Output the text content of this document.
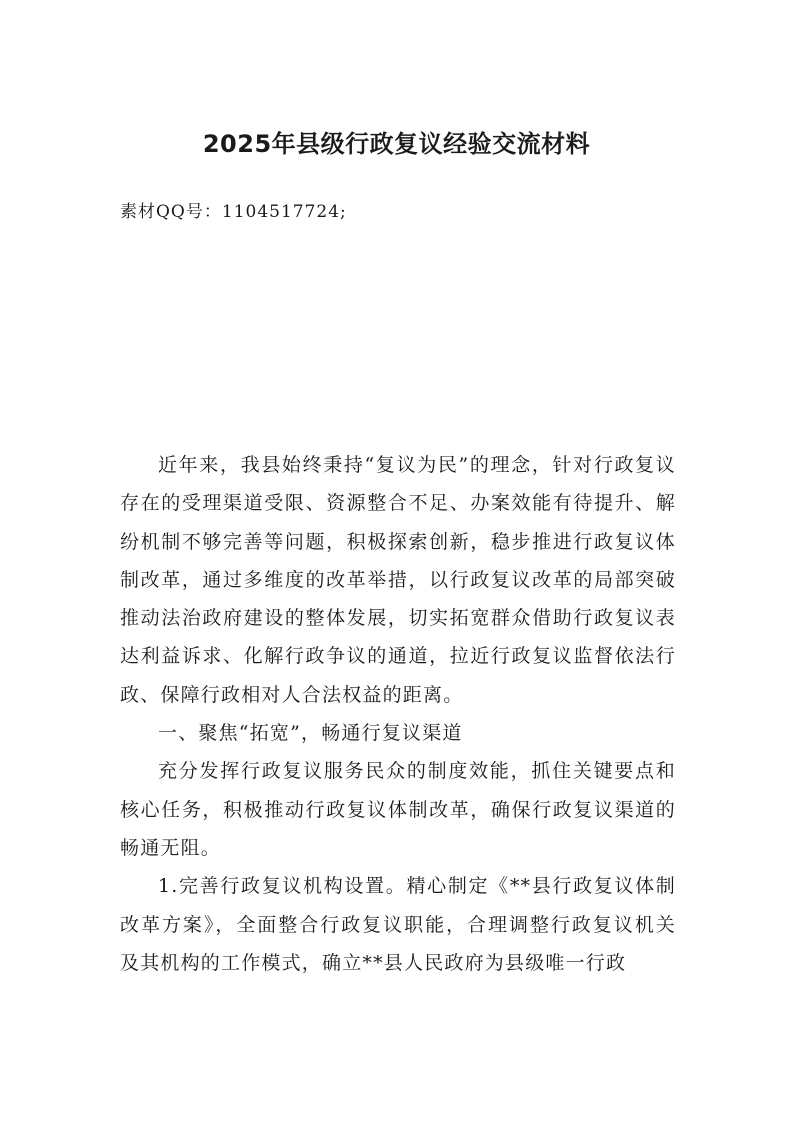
2025年县级行政复议经验交流材料

素材QQ号：1104517724;

近年来，我县始终秉持“复议为民”的理念，针对行政复议存在的受理渠道受限、资源整合不足、办案效能有待提升、解纷机制不够完善等问题，积极探索创新，稳步推进行政复议体制改革，通过多维度的改革举措，以行政复议改革的局部突破推动法治政府建设的整体发展，切实拓宽群众借助行政复议表达利益诉求、化解行政争议的通道，拉近行政复议监督依法行政、保障行政相对人合法权益的距离。

一、聚焦“拓宽”，畅通行复议渠道

充分发挥行政复议服务民众的制度效能，抓住关键要点和核心任务，积极推动行政复议体制改革，确保行政复议渠道的畅通无阻。

1.完善行政复议机构设置。精心制定《**县行政复议体制改革方案》，全面整合行政复议职能，合理调整行政复议机关及其机构的工作模式，确立**县人民政府为县级唯一行政
